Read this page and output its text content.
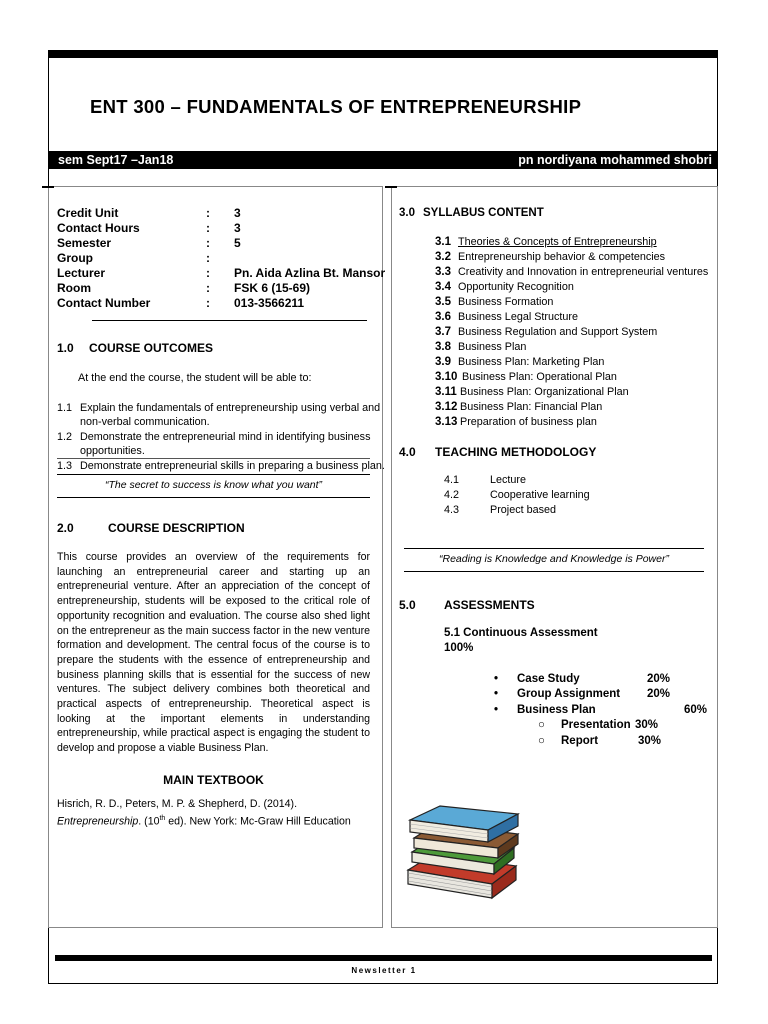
ENT 300 – FUNDAMENTALS OF ENTREPRENEURSHIP
sem Sept17 –Jan18	pn nordiyana mohammed shobri
Credit Unit	: 3
Contact Hours	: 3
Semester	: 5
Group	:
Lecturer	: Pn. Aida Azlina Bt. Mansor
Room	: FSK 6 (15-69)
Contact Number	: 013-3566211
1.0 COURSE OUTCOMES
At the end the course, the student will be able to:
1.1 Explain the fundamentals of entrepreneurship using verbal and
non-verbal communication.
1.2 Demonstrate the entrepreneurial mind in identifying business
opportunities.
1.3 Demonstrate entrepreneurial skills in preparing a business plan.
“The secret to success is know what you want”
2.0	COURSE DESCRIPTION
This course provides an overview of the requirements for launching an entrepreneurial career and starting up an entrepreneurial venture. After an appreciation of the concept of entrepreneurship, students will be exposed to the critical role of opportunity recognition and evaluation. The course also shed light on the entrepreneur as the main success factor in the new venture formation and development. The central focus of the course is to prepare the students with the essence of entrepreneurship and business planning skills that is essential for the success of new ventures. The subject delivery combines both theoretical and practical aspects of entrepreneurship. Theoretical aspect is looking at the important elements in understanding entrepreneurship, while practical aspect is engaging the student to develop and propose a viable Business Plan.
MAIN TEXTBOOK
Hisrich, R. D., Peters, M. P. & Shepherd, D. (2014).
Entrepreneurship. (10th ed). New York: Mc-Graw Hill Education
3.0 SYLLABUS CONTENT
3.1 Theories & Concepts of Entrepreneurship
3.2 Entrepreneurship behavior & competencies
3.3 Creativity and Innovation in entrepreneurial ventures
3.4 Opportunity Recognition
3.5 Business Formation
3.6 Business Legal Structure
3.7 Business Regulation and Support System
3.8 Business Plan
3.9 Business Plan: Marketing Plan
3.10 Business Plan: Operational Plan
3.11 Business Plan: Organizational Plan
3.12 Business Plan: Financial Plan
3.13 Preparation of business plan
4.0 TEACHING METHODOLOGY
4.1	Lecture
4.2	Cooperative learning
4.3	Project based
“Reading is Knowledge and Knowledge is Power”
5.0 ASSESSMENTS
5.1 Continuous Assessment
100%
• Case Study	20%
• Group Assignment 20%
• Business Plan	60%
○ Presentation 30%
○ Report	30%
Newsletter 1
